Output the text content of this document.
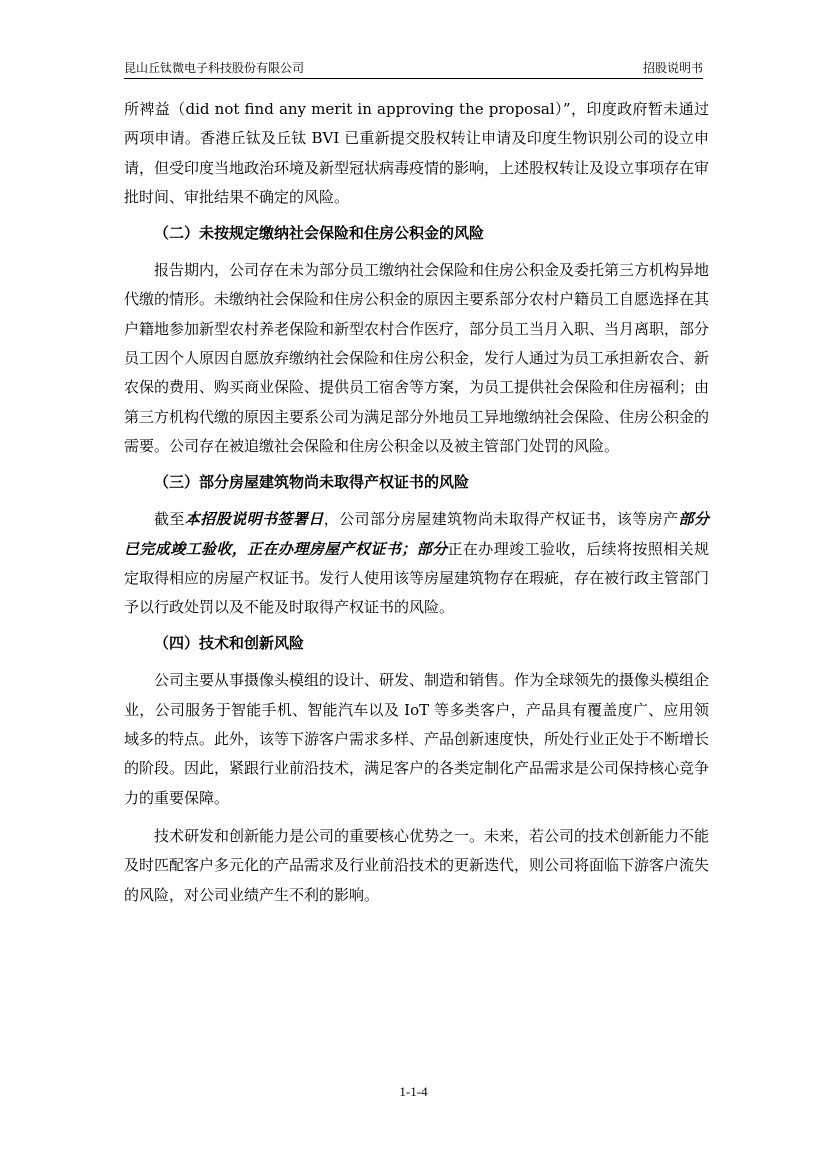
昆山丘钛微电子科技股份有限公司	招股说明书

所裨益（did not find any merit in approving the proposal）”，印度政府暂未通过两项申请。香港丘钛及丘钛 BVI 已重新提交股权转让申请及印度生物识别公司的设立申请，但受印度当地政治环境及新型冠状病毒疫情的影响，上述股权转让及设立事项存在审批时间、审批结果不确定的风险。

（二）未按规定缴纳社会保险和住房公积金的风险

报告期内，公司存在未为部分员工缴纳社会保险和住房公积金及委托第三方机构异地代缴的情形。未缴纳社会保险和住房公积金的原因主要系部分农村户籍员工自愿选择在其户籍地参加新型农村养老保险和新型农村合作医疗，部分员工当月入职、当月离职，部分员工因个人原因自愿放弃缴纳社会保险和住房公积金，发行人通过为员工承担新农合、新农保的费用、购买商业保险、提供员工宿舍等方案，为员工提供社会保险和住房福利；由第三方机构代缴的原因主要系公司为满足部分外地员工异地缴纳社会保险、住房公积金的需要。公司存在被追缴社会保险和住房公积金以及被主管部门处罚的风险。

（三）部分房屋建筑物尚未取得产权证书的风险

截至本招股说明书签署日，公司部分房屋建筑物尚未取得产权证书，该等房产部分已完成竣工验收，正在办理房屋产权证书；部分正在办理竣工验收，后续将按照相关规定取得相应的房屋产权证书。发行人使用该等房屋建筑物存在瑕疵，存在被行政主管部门予以行政处罚以及不能及时取得产权证书的风险。

（四）技术和创新风险

公司主要从事摄像头模组的设计、研发、制造和销售。作为全球领先的摄像头模组企业，公司服务于智能手机、智能汽车以及 IoT 等多类客户，产品具有覆盖度广、应用领域多的特点。此外，该等下游客户需求多样、产品创新速度快，所处行业正处于不断增长的阶段。因此，紧跟行业前沿技术，满足客户的各类定制化产品需求是公司保持核心竞争力的重要保障。

技术研发和创新能力是公司的重要核心优势之一。未来，若公司的技术创新能力不能及时匹配客户多元化的产品需求及行业前沿技术的更新迭代，则公司将面临下游客户流失的风险，对公司业绩产生不利的影响。

1-1-4
